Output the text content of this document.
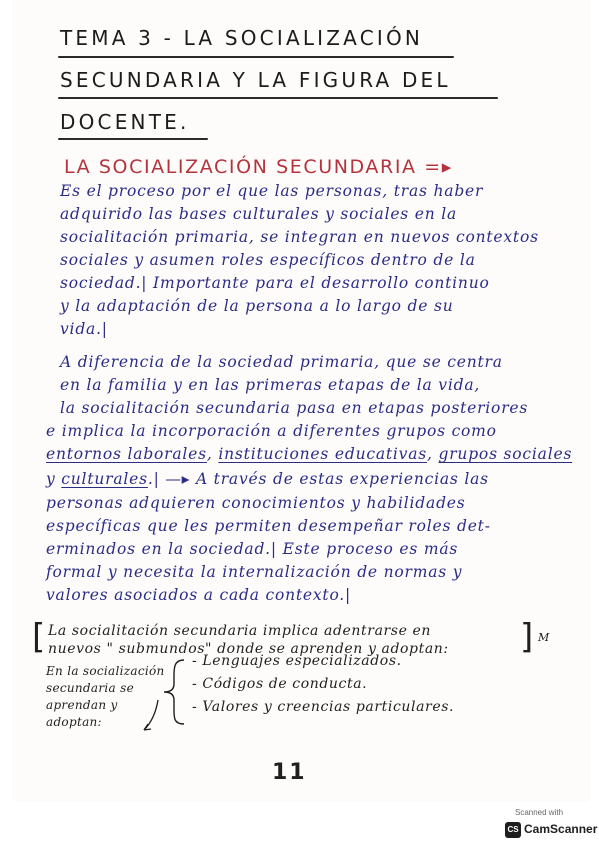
TEMA 3 - LA SOCIALIZACIÓN
SECUNDARIA Y LA FIGURA DEL
DOCENTE.
LA SOCIALIZACIÓN SECUNDARIA =▸
Es el proceso por el que las personas, tras haber
adquirido las bases culturales y sociales en la
socialitación primaria, se integran en nuevos contextos
sociales y asumen roles específicos dentro de la
sociedad.| Importante para el desarrollo continuo
y la adaptación de la persona a lo largo de su
vida.|
A diferencia de la sociedad primaria, que se centra
en la familia y en las primeras etapas de la vida,
la socialitación secundaria pasa en etapas posteriores
e implica la incorporación a diferentes grupos como
entornos laborales, instituciones educativas, grupos sociales
y culturales.| —▸ A través de estas experiencias las
personas adquieren conocimientos y habilidades
específicas que les permiten desempeñar roles det-
erminados en la sociedad.| Este proceso es más
formal y necesita la internalización de normas y
valores asociados a cada contexto.|
[ La socialitación secundaria implica adentrarse en
nuevos " submundos" donde se aprenden y adoptan: ] M
En la socialización
secundaria se
aprendan y
adoptan:
- Lenguajes especializados.
- Códigos de conducta.
- Valores y creencias particulares.
11
Scanned with
CS CamScanner
